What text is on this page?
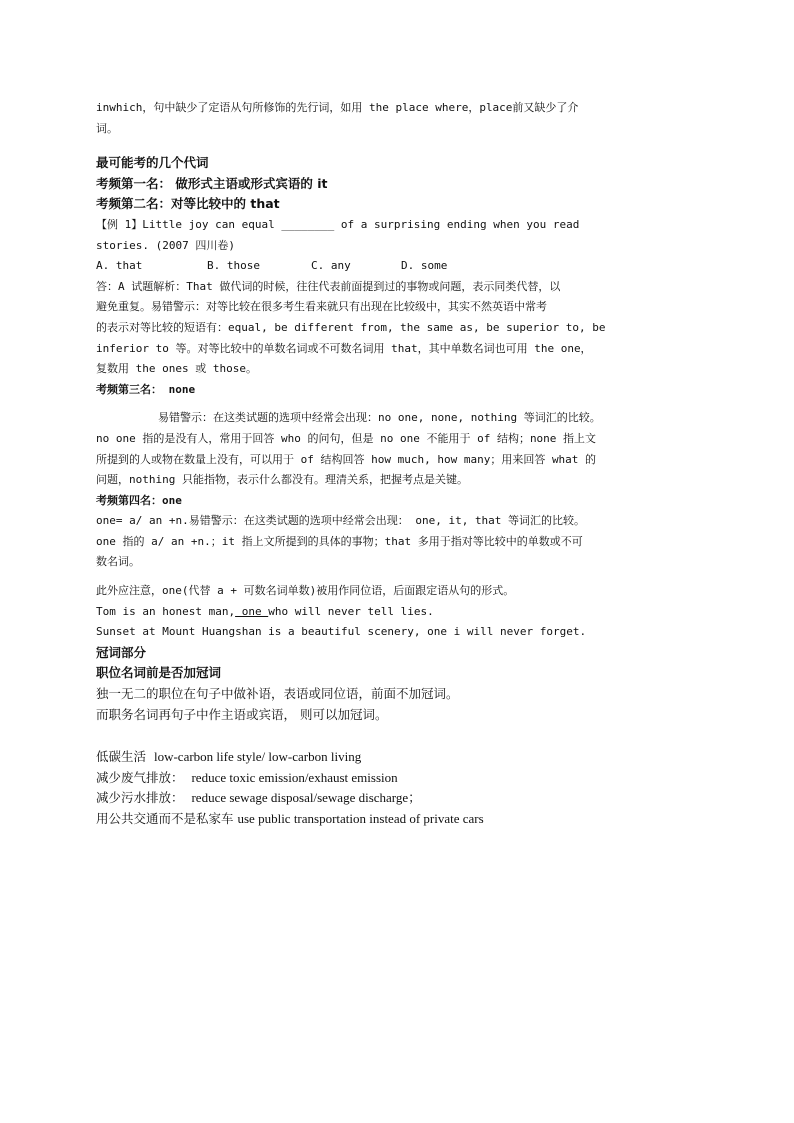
inwhich，句中缺少了定语从句所修饰的先行词，如用 the place where，place前又缺少了介
词。
最可能考的几个代词
考频第一名： 做形式主语或形式宾语的 it
考频第二名：对等比较中的 that
【例 1】Little joy can equal ________ of a surprising ending when you read
stories. (2007 四川卷)
A. that	B. those	C. any	D. some
答：A 试题解析：That 做代词的时候，往往代表前面提到过的事物或问题，表示同类代替，以
避免重复。易错警示：对等比较在很多考生看来就只有出现在比较级中，其实不然英语中常考
的表示对等比较的短语有：equal, be different from, the same as, be superior to, be
inferior to 等。对等比较中的单数名词或不可数名词用 that，其中单数名词也可用 the one，
复数用 the ones 或 those。
考频第三名： none
易错警示：在这类试题的选项中经常会出现：no one, none, nothing 等词汇的比较。
no one 指的是没有人，常用于回答 who 的问句，但是 no one 不能用于 of 结构；none 指上文
所提到的人或物在数量上没有，可以用于 of 结构回答 how much, how many；用来回答 what 的
问题，nothing 只能指物，表示什么都没有。理清关系，把握考点是关键。
考频第四名：one
one= a/ an +n.易错警示：在这类试题的选项中经常会出现： one, it, that 等词汇的比较。
one 指的 a/ an +n.；it 指上文所提到的具体的事物；that 多用于指对等比较中的单数或不可
数名词。
此外应注意，one(代替 a + 可数名词单数)被用作同位语，后面跟定语从句的形式。
Tom is an honest man, one who will never tell lies.
Sunset at Mount Huangshan is a beautiful scenery, one i will never forget.
冠词部分
职位名词前是否加冠词
独一无二的职位在句子中做补语，表语或同位语，前面不加冠词。
而职务名词再句子中作主语或宾语， 则可以加冠词。
低碳生活 low-carbon life style/ low-carbon living
减少废气排放： reduce toxic emission/exhaust emission
减少污水排放： reduce sewage disposal/sewage discharge；
用公共交通而不是私家车 use public transportation instead of private cars
